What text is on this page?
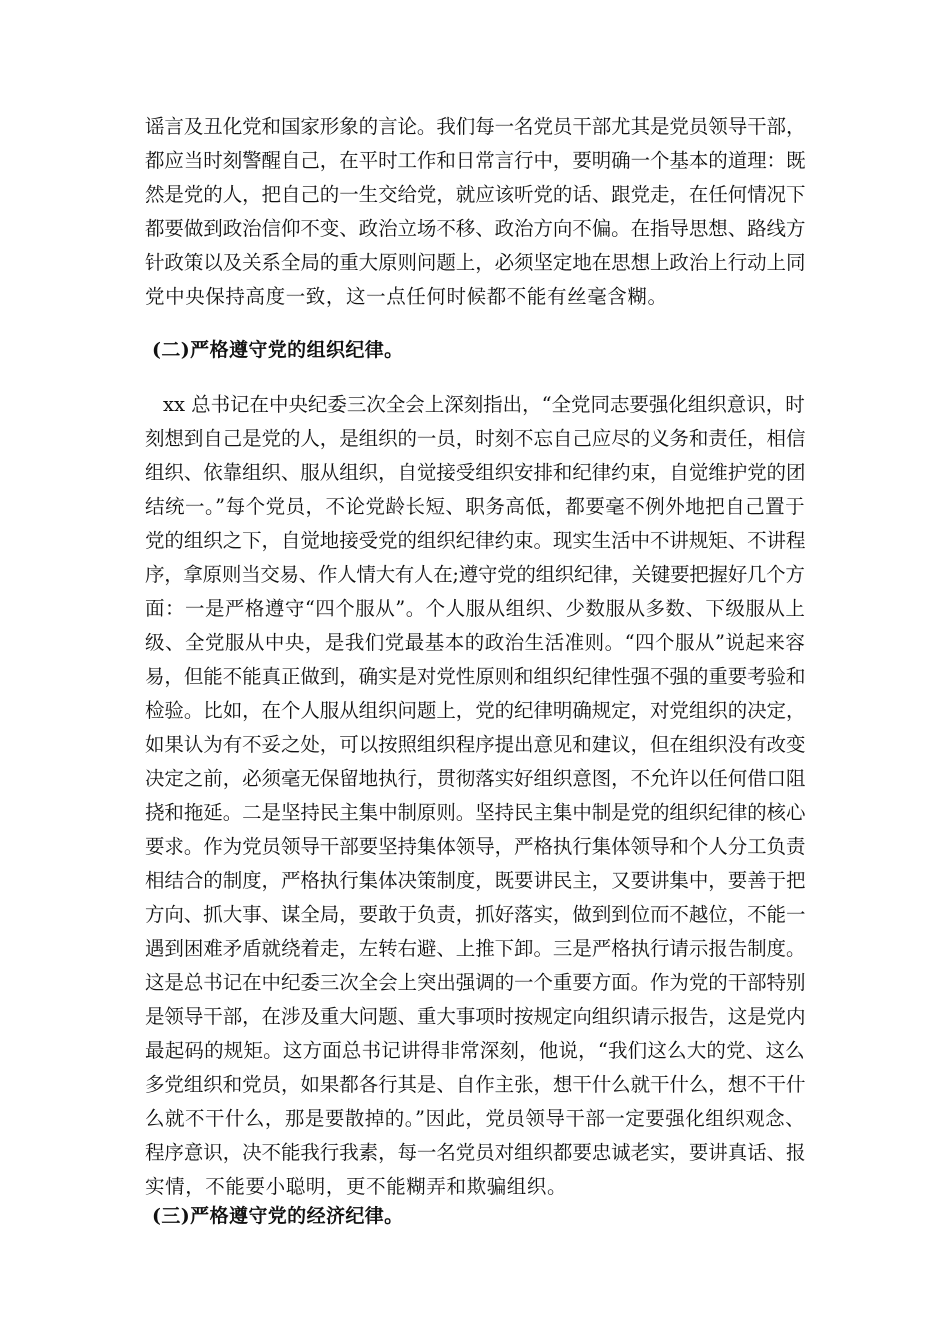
谣言及丑化党和国家形象的言论。我们每一名党员干部尤其是党员领导干部，
都应当时刻警醒自己，在平时工作和日常言行中，要明确一个基本的道理：既
然是党的人，把自己的一生交给党，就应该听党的话、跟党走，在任何情况下
都要做到政治信仰不变、政治立场不移、政治方向不偏。在指导思想、路线方
针政策以及关系全局的重大原则问题上，必须坚定地在思想上政治上行动上同
党中央保持高度一致，这一点任何时候都不能有丝毫含糊。
(二)严格遵守党的组织纪律。
xx 总书记在中央纪委三次全会上深刻指出，“全党同志要强化组织意识，时
刻想到自己是党的人，是组织的一员，时刻不忘自己应尽的义务和责任，相信
组织、依靠组织、服从组织，自觉接受组织安排和纪律约束，自觉维护党的团
结统一。”每个党员，不论党龄长短、职务高低，都要毫不例外地把自己置于
党的组织之下，自觉地接受党的组织纪律约束。现实生活中不讲规矩、不讲程
序，拿原则当交易、作人情大有人在;遵守党的组织纪律，关键要把握好几个方
面：一是严格遵守“四个服从”。个人服从组织、少数服从多数、下级服从上
级、全党服从中央，是我们党最基本的政治生活准则。“四个服从”说起来容
易，但能不能真正做到，确实是对党性原则和组织纪律性强不强的重要考验和
检验。比如，在个人服从组织问题上，党的纪律明确规定，对党组织的决定，
如果认为有不妥之处，可以按照组织程序提出意见和建议，但在组织没有改变
决定之前，必须毫无保留地执行，贯彻落实好组织意图，不允许以任何借口阻
挠和拖延。二是坚持民主集中制原则。坚持民主集中制是党的组织纪律的核心
要求。作为党员领导干部要坚持集体领导，严格执行集体领导和个人分工负责
相结合的制度，严格执行集体决策制度，既要讲民主，又要讲集中，要善于把
方向、抓大事、谋全局，要敢于负责，抓好落实，做到到位而不越位，不能一
遇到困难矛盾就绕着走，左转右避、上推下卸。三是严格执行请示报告制度。
这是总书记在中纪委三次全会上突出强调的一个重要方面。作为党的干部特别
是领导干部，在涉及重大问题、重大事项时按规定向组织请示报告，这是党内
最起码的规矩。这方面总书记讲得非常深刻，他说，“我们这么大的党、这么
多党组织和党员，如果都各行其是、自作主张，想干什么就干什么，想不干什
么就不干什么，那是要散掉的。”因此，党员领导干部一定要强化组织观念、
程序意识，决不能我行我素，每一名党员对组织都要忠诚老实，要讲真话、报
实情，不能要小聪明，更不能糊弄和欺骗组织。
(三)严格遵守党的经济纪律。
